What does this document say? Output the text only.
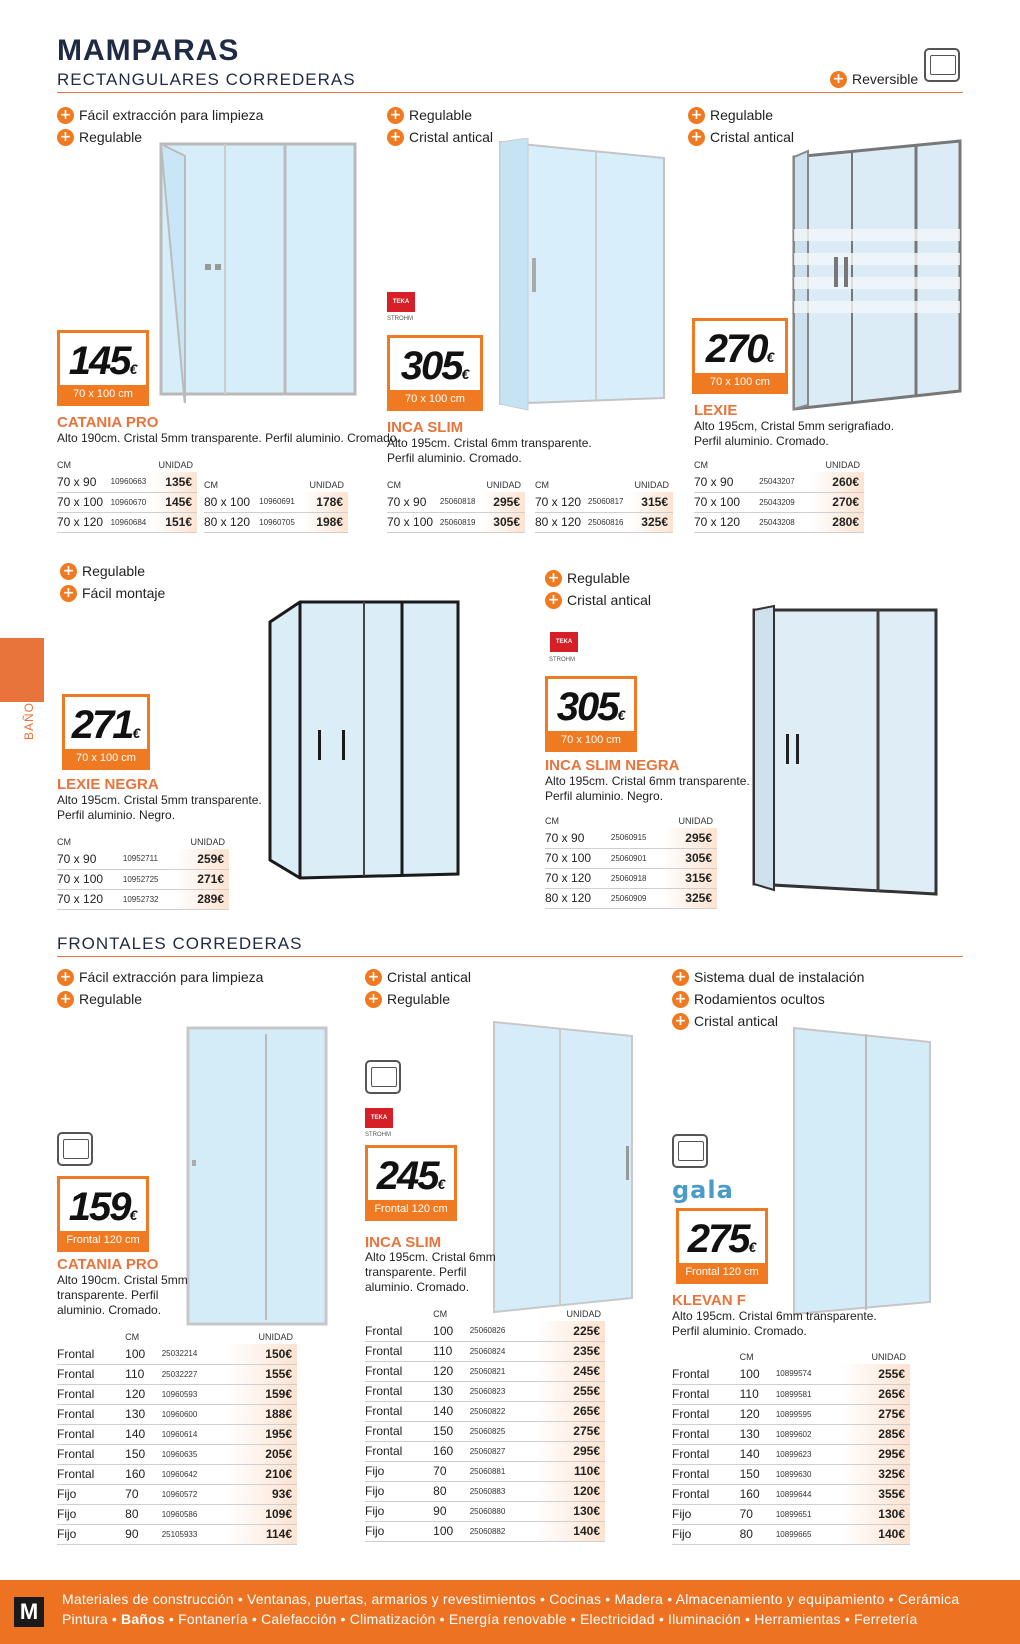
MAMPARAS
RECTANGULARES CORREDERAS	+ Reversible
BAÑOS
+ Fácil extracción para limpieza
+ Regulable
145€
70 x 100 cm
CATANIA PRO
Alto 190cm. Cristal 5mm transparente. Perfil aluminio. Cromado.
CM		UNIDAD
70 x 90	10960663	135€
70 x 100	10960670	145€
70 x 120	10960684	151€
CM		UNIDAD
80 x 100	10960691	178€
80 x 120	10960705	198€
+ Regulable
+ Cristal antical
TEKA
STROHM
305€
70 x 100 cm
INCA SLIM
Alto 195cm. Cristal 6mm transparente.
Perfil aluminio. Cromado.
CM		UNIDAD
70 x 90	25060818	295€
70 x 100	25060819	305€
CM		UNIDAD
70 x 120	25060817	315€
80 x 120	25060816	325€
+ Regulable
+ Cristal antical
270€
70 x 100 cm
LEXIE
Alto 195cm, Cristal 5mm serigrafiado.
Perfil aluminio. Cromado.
CM		UNIDAD
70 x 90	25043207	260€
70 x 100	25043209	270€
70 x 120	25043208	280€
+ Regulable
+ Fácil montaje
271€
70 x 100 cm
LEXIE NEGRA
Alto 195cm. Cristal 5mm transparente.
Perfil aluminio. Negro.
CM		UNIDAD
70 x 90	10952711	259€
70 x 100	10952725	271€
70 x 120	10952732	289€
+ Regulable
+ Cristal antical
TEKA
STROHM
305€
70 x 100 cm
INCA SLIM NEGRA
Alto 195cm. Cristal 6mm transparente.
Perfil aluminio. Negro.
CM		UNIDAD
70 x 90	25060915	295€
70 x 100	25060901	305€
70 x 120	25060918	315€
80 x 120	25060909	325€
FRONTALES CORREDERAS
+ Fácil extracción para limpieza
+ Regulable
159€
Frontal 120 cm
CATANIA PRO
Alto 190cm. Cristal 5mm
transparente. Perfil
aluminio. Cromado.
	CM		UNIDAD
Frontal	100	25032214	150€
Frontal	110	25032227	155€
Frontal	120	10960593	159€
Frontal	130	10960600	188€
Frontal	140	10960614	195€
Frontal	150	10960635	205€
Frontal	160	10960642	210€
Fijo	70	10960572	93€
Fijo	80	10960586	109€
Fijo	90	25105933	114€
+ Cristal antical
+ Regulable
TEKA
STROHM
245€
Frontal 120 cm
INCA SLIM
Alto 195cm. Cristal 6mm
transparente. Perfil
aluminio. Cromado.
	CM		UNIDAD
Frontal	100	25060826	225€
Frontal	110	25060824	235€
Frontal	120	25060821	245€
Frontal	130	25060823	255€
Frontal	140	25060822	265€
Frontal	150	25060825	275€
Frontal	160	25060827	295€
Fijo	70	25060881	110€
Fijo	80	25060883	120€
Fijo	90	25060880	130€
Fijo	100	25060882	140€
+ Sistema dual de instalación
+ Rodamientos ocultos
+ Cristal antical
gala
275€
Frontal 120 cm
KLEVAN F
Alto 195cm. Cristal 6mm transparente.
Perfil aluminio. Cromado.
	CM		UNIDAD
Frontal	100	10899574	255€
Frontal	110	10899581	265€
Frontal	120	10899595	275€
Frontal	130	10899602	285€
Frontal	140	10899623	295€
Frontal	150	10899630	325€
Frontal	160	10899644	355€
Fijo	70	10899651	130€
Fijo	80	10899665	140€
M	Materiales de construcción • Ventanas, puertas, armarios y revestimientos • Cocinas • Madera • Almacenamiento y equipamiento • Cerámica
Pintura • Baños • Fontanería • Calefacción • Climatización • Energía renovable • Electricidad • Iluminación • Herramientas • Ferretería
